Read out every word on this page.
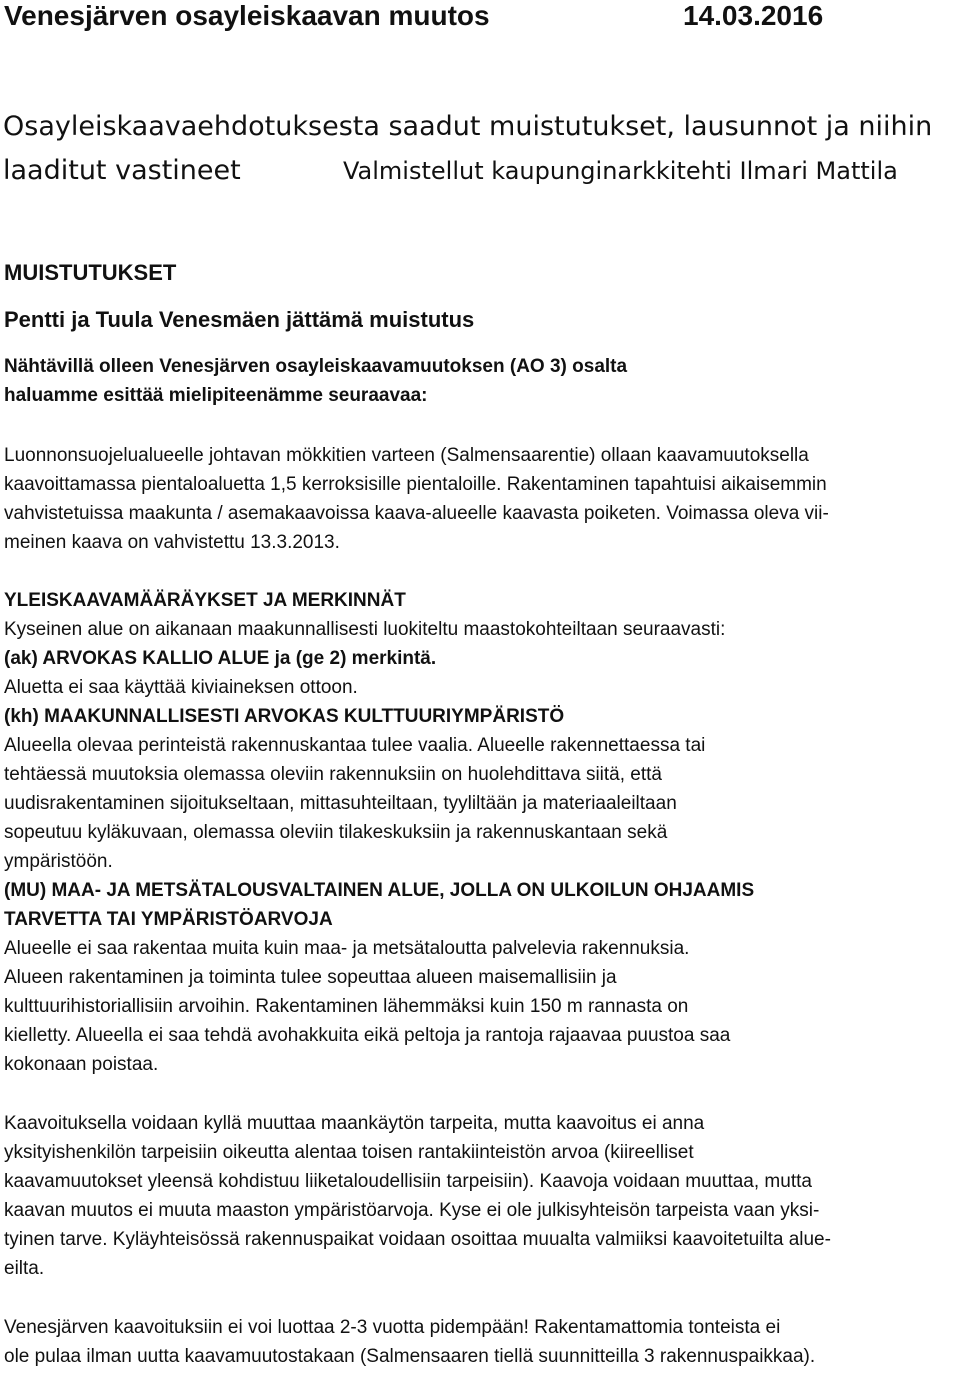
Venesjärven osayleiskaavan muutos	14.03.2016
Osayleiskaavaehdotuksesta saadut muistutukset, lausunnot ja niihin
laaditut vastineet	Valmistellut kaupunginarkkitehti Ilmari Mattila
MUISTUTUKSET
Pentti ja Tuula Venesmäen jättämä muistutus
Nähtävillä olleen Venesjärven osayleiskaavamuutoksen (AO 3) osalta
haluamme esittää mielipiteenämme seuraavaa:
Luonnonsuojelualueelle johtavan mökkitien varteen (Salmensaarentie) ollaan kaavamuutoksella
kaavoittamassa pientaloaluetta 1,5 kerroksisille pientaloille. Rakentaminen tapahtuisi aikaisemmin
vahvistetuissa maakunta / asemakaavoissa kaava-alueelle kaavasta poiketen. Voimassa oleva vii-
meinen kaava on vahvistettu 13.3.2013.
YLEISKAAVAMÄÄRÄYKSET JA MERKINNÄT
Kyseinen alue on aikanaan maakunnallisesti luokiteltu maastokohteiltaan seuraavasti:
(ak) ARVOKAS KALLIO ALUE ja (ge 2) merkintä.
Aluetta ei saa käyttää kiviaineksen ottoon.
(kh) MAAKUNNALLISESTI ARVOKAS KULTTUURIYMPÄRISTÖ
Alueella olevaa perinteistä rakennuskantaa tulee vaalia. Alueelle rakennettaessa tai
tehtäessä muutoksia olemassa oleviin rakennuksiin on huolehdittava siitä, että
uudisrakentaminen sijoitukseltaan, mittasuhteiltaan, tyyliltään ja materiaaleiltaan
sopeutuu kyläkuvaan, olemassa oleviin tilakeskuksiin ja rakennuskantaan sekä
ympäristöön.
(MU) MAA- JA METSÄTALOUSVALTAINEN ALUE, JOLLA ON ULKOILUN OHJAAMIS
TARVETTA TAI YMPÄRISTÖARVOJA
Alueelle ei saa rakentaa muita kuin maa- ja metsätaloutta palvelevia rakennuksia.
Alueen rakentaminen ja toiminta tulee sopeuttaa alueen maisemallisiin ja
kulttuurihistoriallisiin arvoihin. Rakentaminen lähemmäksi kuin 150 m rannasta on
kielletty. Alueella ei saa tehdä avohakkuita eikä peltoja ja rantoja rajaavaa puustoa saa
kokonaan poistaa.
Kaavoituksella voidaan kyllä muuttaa maankäytön tarpeita, mutta kaavoitus ei anna
yksityishenkilön tarpeisiin oikeutta alentaa toisen rantakiinteistön arvoa (kiireelliset
kaavamuutokset yleensä kohdistuu liiketaloudellisiin tarpeisiin). Kaavoja voidaan muuttaa, mutta
kaavan muutos ei muuta maaston ympäristöarvoja. Kyse ei ole julkisyhteisön tarpeista vaan yksi-
tyinen tarve. Kyläyhteisössä rakennuspaikat voidaan osoittaa muualta valmiiksi kaavoitetuilta alue-
eilta.
Venesjärven kaavoituksiin ei voi luottaa 2-3 vuotta pidempään! Rakentamattomia tonteista ei
ole pulaa ilman uutta kaavamuutostakaan (Salmensaaren tiellä suunnitteilla 3 rakennuspaikkaa).
